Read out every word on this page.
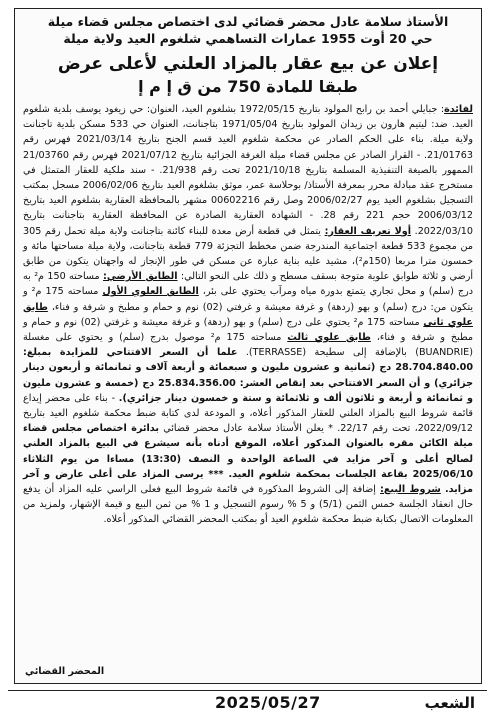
الأستاذ سلامة عادل محضر قضائي لدى اختصاص مجلس قضاء ميلة
حي 20 أوت 1955 عمارات التساهمي شلغوم العيد ولاية ميلة
إعلان عن بيع عقار بالمزاد العلني لأعلى عرض
طبقا للمادة 750 من ق إ م إ

لفائدة: جبايلي أحمد بن رابح المولود بتاريخ 1972/05/15 بشلغوم العيد، العنوان: حي زيغود يوسف بلدية شلغوم العيد. ضد: ليتيم هارون بن زيدان المولود بتاريخ 1971/05/04 بتاجنانت، العنوان حي 533 مسكن بلدية تاجنانت ولاية ميلة. بناء على الحكم الصادر عن محكمة شلغوم العيد قسم الجنح بتاريخ 2021/03/14 فهرس رقم 21/01763. - القرار الصادر عن مجلس قضاء ميلة الغرفة الجزائية بتاريخ 2021/07/12 فهرس رقم 21/03760 الممهور بالصيغة التنفيذية المسلمة بتاريخ 2021/10/18 تحت رقم 21/938. - سند ملكية للعقار المتمثل في مستخرج عقد مبادلة محرر بمعرفة الأستاذ/ بوحلاسة عمر، موثق بشلغوم العيد بتاريخ 2006/02/06 مسجل بمكتب التسجيل بشلغوم العيد يوم 2006/02/27 وصل رقم 00602216 مشهر بالمحافظة العقارية بشلغوم العيد بتاريخ 2006/03/12 حجم 221 رقم 28. - الشهادة العقارية الصادرة عن المحافظة العقارية بتاجنانت بتاريخ 2022/03/10. أولا تعريف العقار: يتمثل في قطعة أرض معدة للبناء كائنة بتاجنانت ولاية ميلة تحمل رقم 305 من مجموع 533 قطعة اجتماعية المندرجة ضمن مخطط التجزئة 779 قطعة بتاجنانت، ولاية ميلة مساحتها مائة و خمسون مترا مربعا (150م²)، مشيد عليه بناية عبارة عن مسكن في طور الإنجاز له واجهتان يتكون من طابق أرضي و ثلاثة طوابق علوية متوجة بسقف مسطح و ذلك على النحو التالي: الطابق الأرضي: مساحته 150 م² به درج (سلم) و محل تجاري يتمتع بدورة مياه ومرآب يحتوي على بئر، الطابق العلوي الأول مساحته 175 م² و يتكون من: درج (سلم) و بهو (ردهة) و غرفة معيشة و غرفتي (02) نوم و حمام و مطبخ و شرفة و فناء، طابق علوي ثاني مساحته 175 م² يحتوي على درج (سلم) و بهو (ردهة) و غرفة معيشة و غرفتي (02) نوم و حمام و مطبخ و شرفة و فناء، طابق علوي ثالث مساحته 175 م² موصول بدرج (سلم) و يحتوي على مغسلة (BUANDRIE) بالإضافة إلى سطيحة (TERRASSE). علما أن السعر الافتتاحي للمزايدة بمبلغ: 28.704.840.00 دج (ثمانية و عشرون مليون و سبعمائة و أربعة آلاف و ثمانمائة و أربعون دينار جزائري) و أن السعر الافتتاحي بعد إنقاص العشر: 25.834.356.00 دج (خمسة و عشرون مليون و ثمانمائة و أربعة و ثلاثون ألف و ثلاثمائة و ستة و خمسون دينار جزائري). - بناء على محضر إيداع قائمة شروط البيع بالمزاد العلني للعقار المذكور أعلاه، و المودعة لدى كتابة ضبط محكمة شلغوم العيد بتاريخ 2022/09/12، تحت رقم 22/17. * يعلن الأستاذ سلامة عادل محضر قضائي بدائرة اختصاص مجلس قضاء ميلة الكائن مقره بالعنوان المذكور أعلاه، الموقع أدناه بأنه سيشرع في البيع بالمزاد العلني لصالح أعلى و آخر مزايد في الساعة الواحدة و النصف (13:30) مساءا من يوم الثلاثاء 2025/06/10 بقاعة الجلسات بمحكمة شلغوم العيد. *** يرسى المزاد على أعلى عارض و آخر مزايد. شروط البيع: إضافة إلى الشروط المذكورة في قائمة شروط البيع فعلى الراسي عليه المزاد أن يدفع حال انعقاد الجلسة خمس الثمن (5/1) و 5 % رسوم التسجيل و 1 % من ثمن البيع و قيمة الإشهار، ولمزيد من المعلومات الاتصال بكتابة ضبط محكمة شلغوم العيد أو بمكتب المحضر القضائي المذكور أعلاه.

المحضر القضائي
الشعب
2025/05/27
